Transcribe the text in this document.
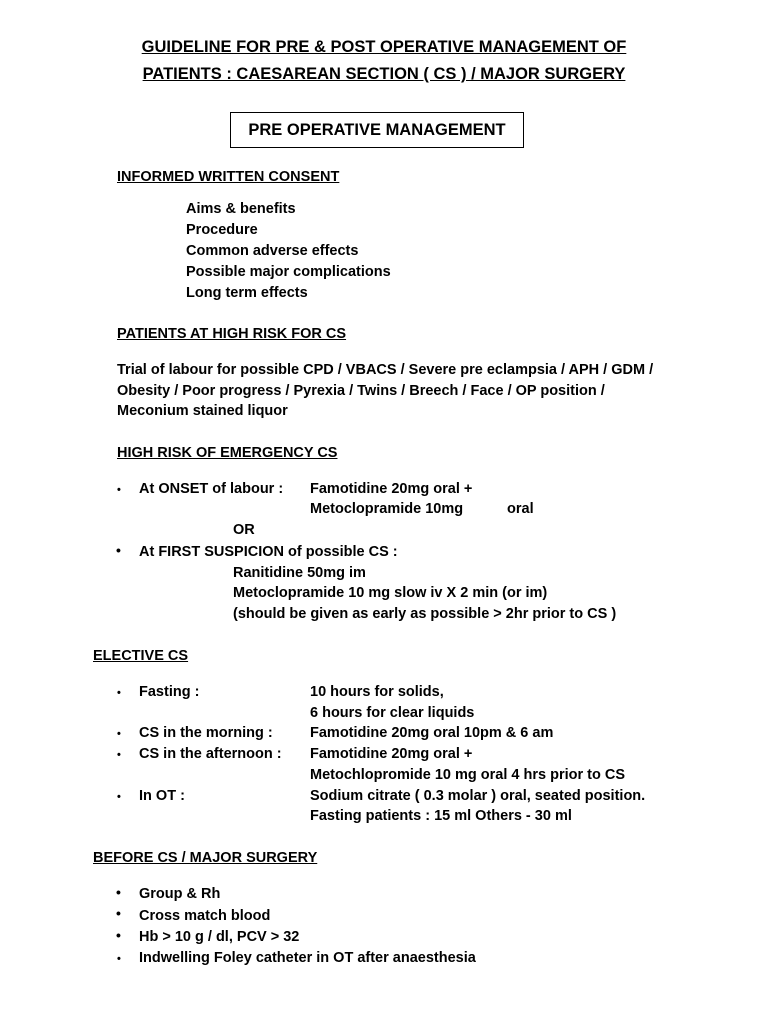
GUIDELINE FOR PRE & POST OPERATIVE MANAGEMENT OF
PATIENTS : CAESAREAN SECTION ( CS ) / MAJOR SURGERY
PRE OPERATIVE MANAGEMENT
INFORMED WRITTEN CONSENT
Aims & benefits
Procedure
Common adverse effects
Possible major complications
Long term effects
PATIENTS AT HIGH RISK FOR CS
Trial of labour for possible CPD / VBACS / Severe pre eclampsia / APH / GDM /
Obesity / Poor progress / Pyrexia / Twins / Breech / Face / OP position /
Meconium stained liquor
HIGH RISK OF EMERGENCY CS
• At ONSET of labour : Famotidine 20mg oral +
Metoclopramide 10mg	oral
OR
• At FIRST SUSPICION of possible CS :
Ranitidine 50mg im
Metoclopramide 10 mg slow iv X 2 min (or im)
(should be given as early as possible > 2hr prior to CS )
ELECTIVE CS
• Fasting :	10 hours for solids,
6 hours for clear liquids
• CS in the morning :	Famotidine 20mg oral 10pm & 6 am
• CS in the afternoon : Famotidine 20mg oral +
Metochlopromide 10 mg oral 4 hrs prior to CS
• In OT :	Sodium citrate ( 0.3 molar ) oral, seated position.
Fasting patients : 15 ml Others - 30 ml
BEFORE CS / MAJOR SURGERY
• Group & Rh
• Cross match blood
• Hb > 10 g / dl, PCV > 32
• Indwelling Foley catheter in OT after anaesthesia
